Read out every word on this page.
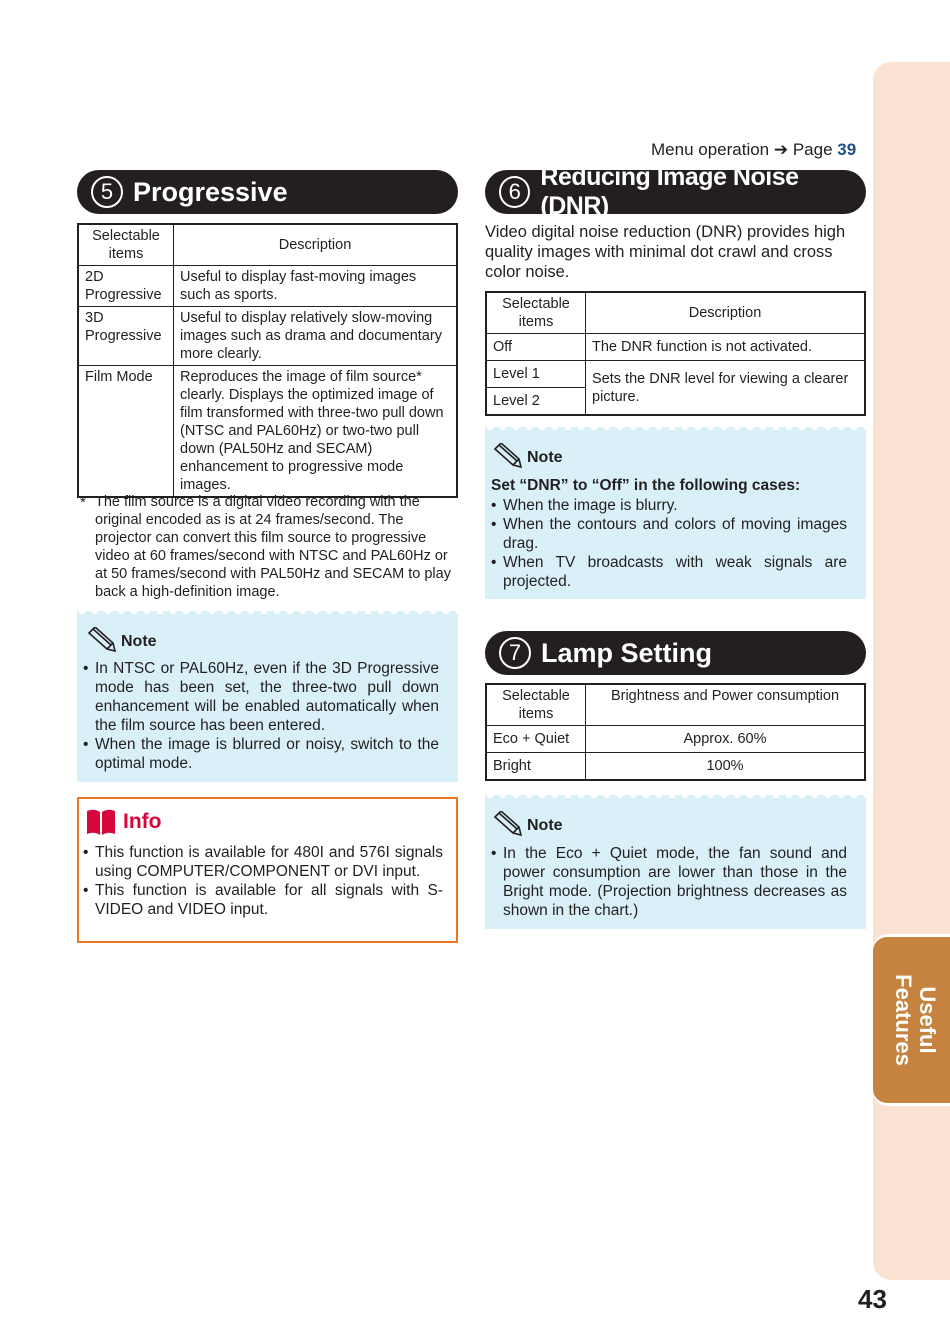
Useful Features
43
Menu operation ➔ Page 39
5 Progressive
Selectable items	Description
2D Progressive	Useful to display fast-moving images such as sports.
3D Progressive	Useful to display relatively slow-moving images such as drama and documentary more clearly.
Film Mode	Reproduces the image of film source* clearly. Displays the optimized image of film transformed with three-two pull down (NTSC and PAL60Hz) or two-two pull down (PAL50Hz and SECAM) enhancement to progressive mode images.
* The film source is a digital video recording with the original encoded as is at 24 frames/second. The projector can convert this film source to progressive video at 60 frames/second with NTSC and PAL60Hz or at 50 frames/second with PAL50Hz and SECAM to play back a high-definition image.
Note
• In NTSC or PAL60Hz, even if the 3D Progressive mode has been set, the three-two pull down enhancement will be enabled automatically when the film source has been entered.
• When the image is blurred or noisy, switch to the optimal mode.
Info
• This function is available for 480I and 576I signals using COMPUTER/COMPONENT or DVI input.
• This function is available for all signals with S-VIDEO and VIDEO input.
6
Reducing Image Noise (DNR)
Video digital noise reduction (DNR) provides high quality images with minimal dot crawl and cross color noise.
Selectable items	Description
Off	The DNR function is not activated.
Level 1	Sets the DNR level for viewing a clearer picture.
Level 2	
Note
Set “DNR” to “Off” in the following cases:
• When the image is blurry.
• When the contours and colors of moving images drag.
• When TV broadcasts with weak signals are projected.
7 Lamp Setting
Selectable items	Brightness and Power consumption
Eco + Quiet	Approx. 60%
Bright	100%
Note
• In the Eco + Quiet mode, the fan sound and power consumption are lower than those in the Bright mode. (Projection brightness decreases as shown in the chart.)
